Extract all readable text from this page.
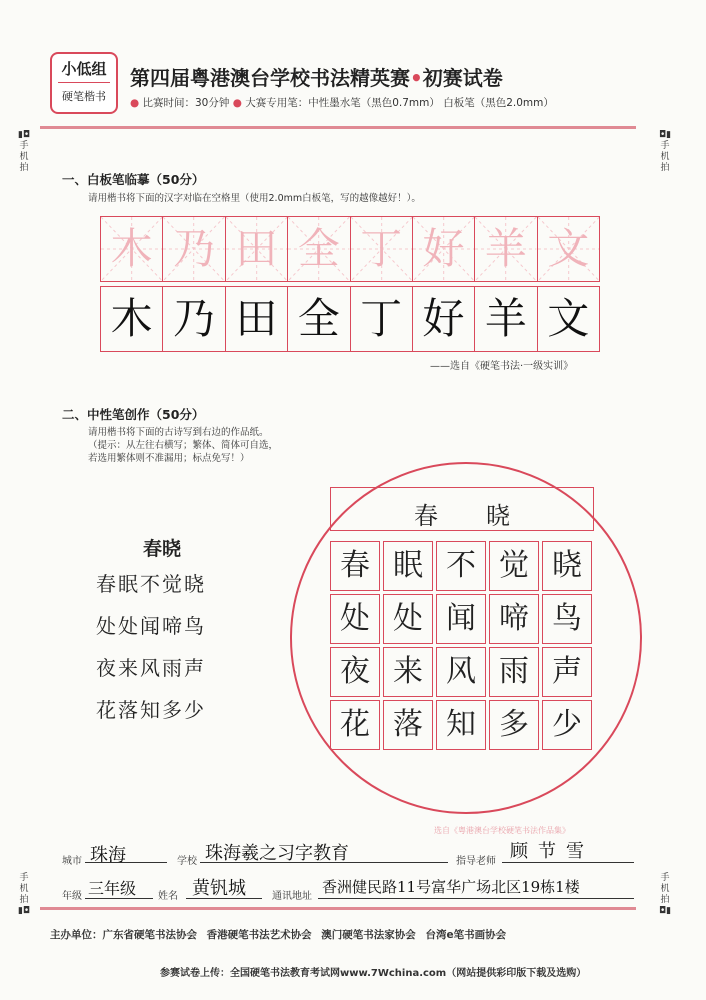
小低组
硬笔楷书
第四届粤港澳台学校书法精英赛•初赛试卷
● 比赛时间：30分钟 ● 大赛专用笔：中性墨水笔（黑色0.7mm） 白板笔（黑色2.0mm）
▮◘
手机拍
◘▮
手机拍
手机拍
▮◘
手机拍
◘▮
一、白板笔临摹（50分）
请用楷书将下面的汉字对临在空格里（使用2.0mm白板笔，写的越像越好！）。
木 乃 田 全 丁 好 羊 文
木 乃 田 全 丁 好 羊 文
——选自《硬笔书法·一级实训》
二、中性笔创作（50分）
请用楷书将下面的古诗写到右边的作品纸。
（提示：从左往右横写；繁体、简体可自选，
若选用繁体则不准漏用；标点免写！）
春晓
春眠不觉晓
处处闻啼鸟
夜来风雨声
花落知多少
春晓
春 眠 不 觉 晓
处 处 闻 啼 鸟
夜 来 风 雨 声
花 落 知 多 少
选自《粤港澳台学校硬笔书法作品集》
城市 珠海	学校 珠海羲之习字教育	指导老师 顾节雪
年级 三年级 姓名 黄钒城	通讯地址
香洲健民路11号富华广场北区19栋1楼
主办单位：广东省硬笔书法协会 香港硬笔书法艺术协会 澳门硬笔书法家协会 台湾e笔书画协会
参赛试卷上传：全国硬笔书法教育考试网www.7Wchina.com（网站提供彩印版下载及选购）
